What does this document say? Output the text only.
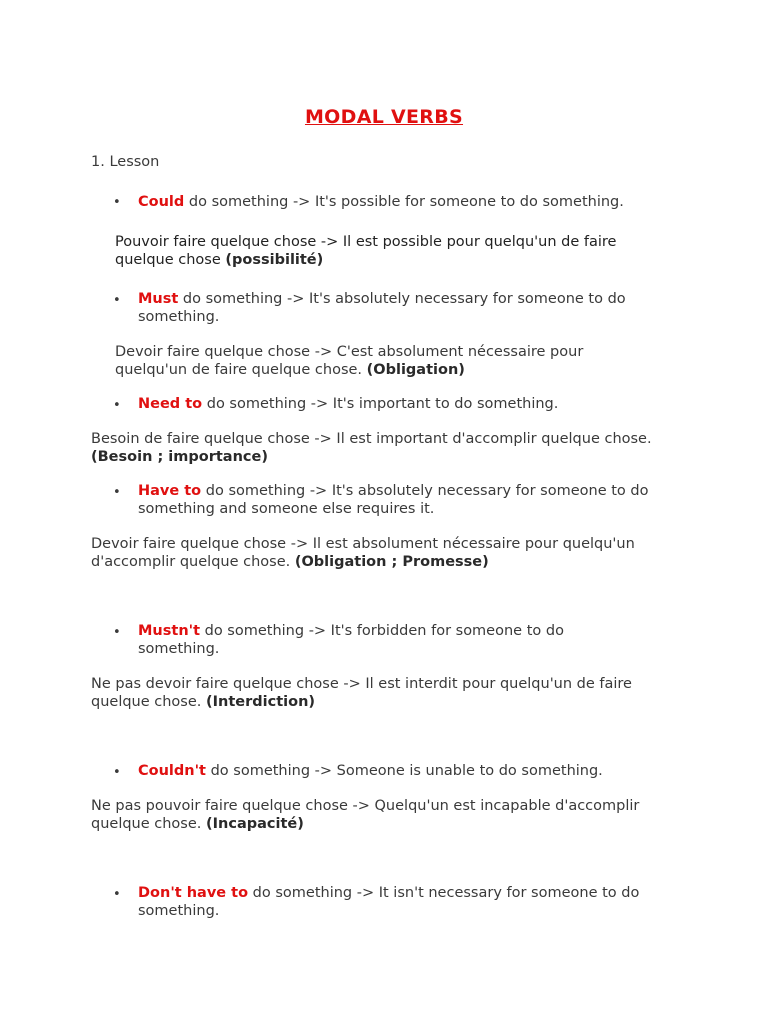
MODAL VERBS
1. Lesson
• Could do something -> It's possible for someone to do something.
Pouvoir faire quelque chose -> Il est possible pour quelqu'un de faire quelque chose (possibilité)
• Must do something -> It's absolutely necessary for someone to do something.
Devoir faire quelque chose -> C'est absolument nécessaire pour quelqu'un de faire quelque chose. (Obligation)
• Need to do something -> It's important to do something.
Besoin de faire quelque chose -> Il est important d'accomplir quelque chose. (Besoin ; importance)
• Have to do something -> It's absolutely necessary for someone to do something and someone else requires it.
Devoir faire quelque chose -> Il est absolument nécessaire pour quelqu'un d'accomplir quelque chose. (Obligation ; Promesse)
• Mustn't do something -> It's forbidden for someone to do something.
Ne pas devoir faire quelque chose -> Il est interdit pour quelqu'un de faire quelque chose. (Interdiction)
• Couldn't do something -> Someone is unable to do something.
Ne pas pouvoir faire quelque chose -> Quelqu'un est incapable d'accomplir quelque chose. (Incapacité)
• Don't have to do something -> It isn't necessary for someone to do something.
